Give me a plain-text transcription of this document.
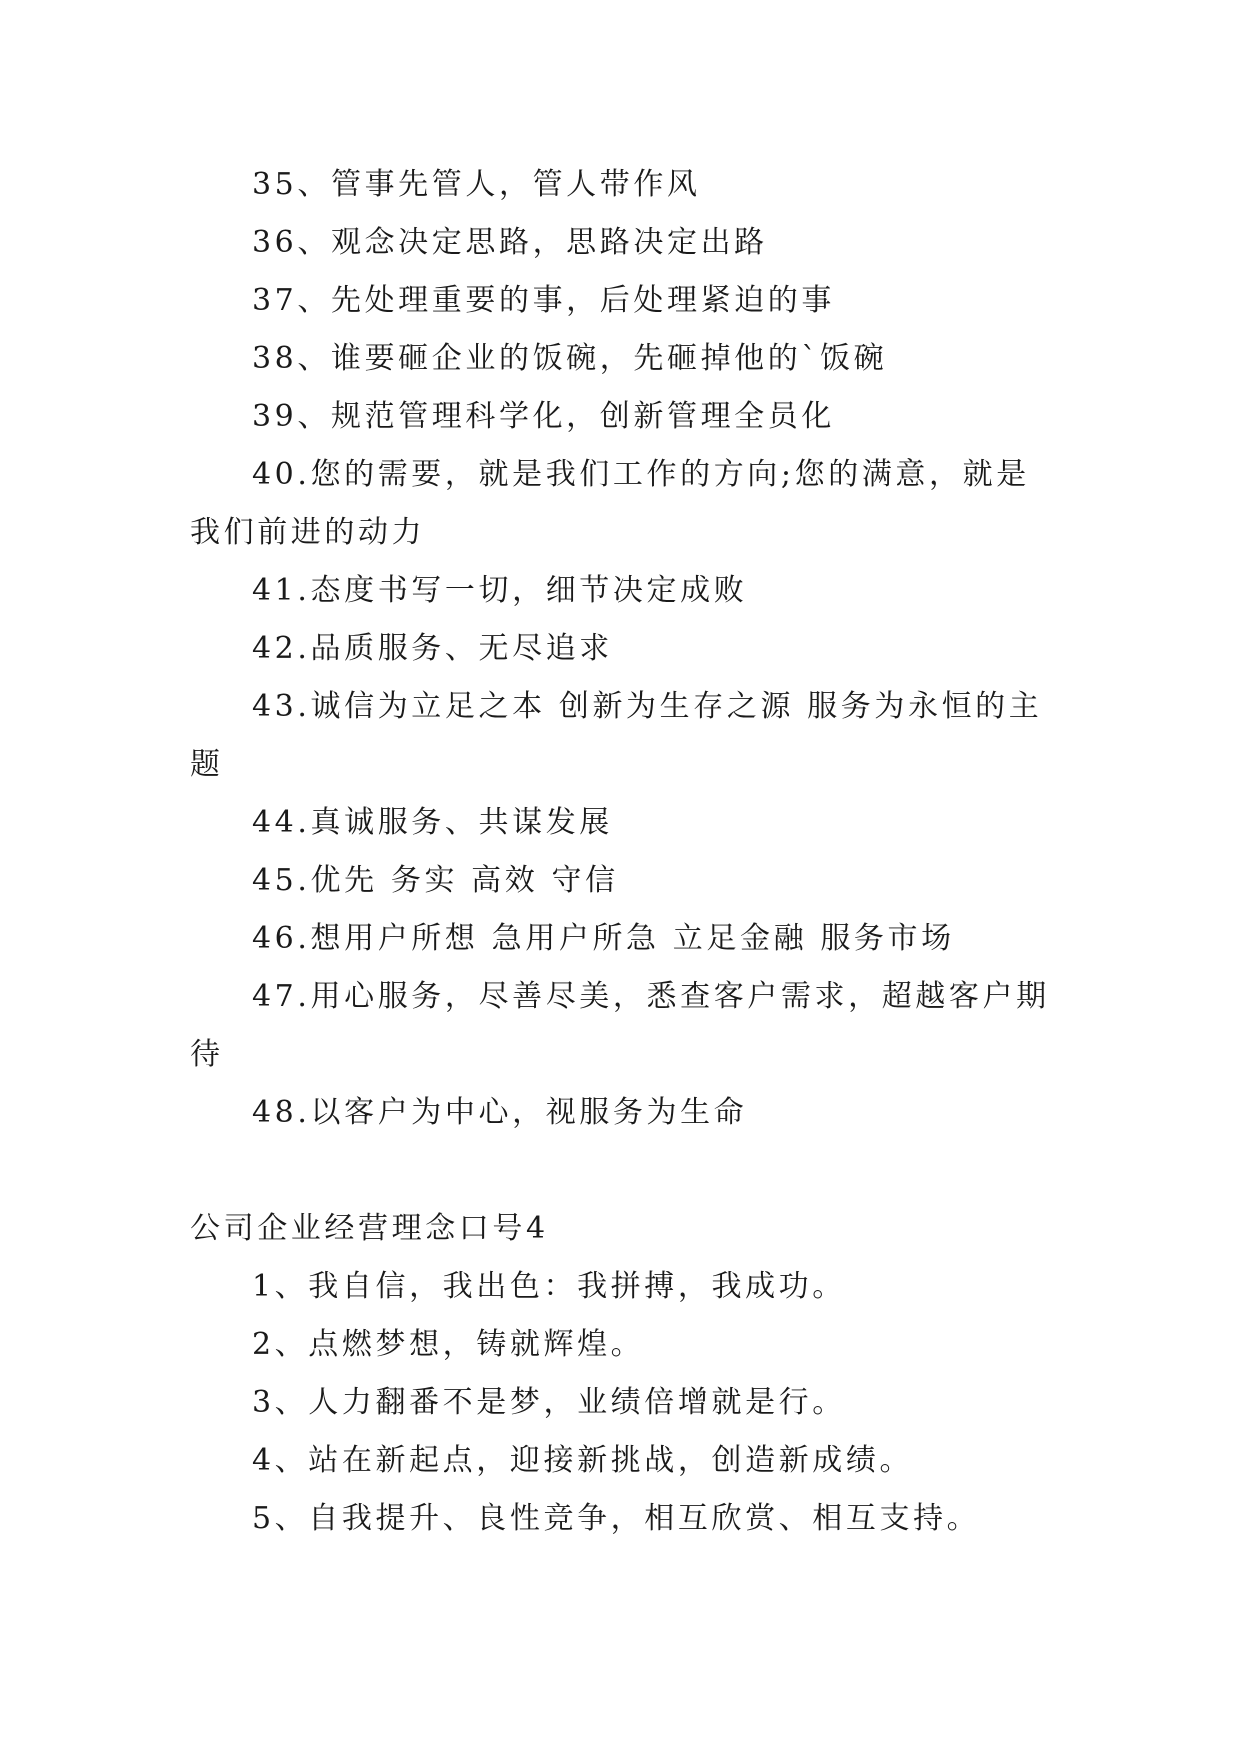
35、管事先管人，管人带作风

36、观念决定思路，思路决定出路

37、先处理重要的事，后处理紧迫的事

38、谁要砸企业的饭碗，先砸掉他的`饭碗

39、规范管理科学化，创新管理全员化

40.您的需要，就是我们工作的方向;您的满意，就是我们前进的动力

41.态度书写一切，细节决定成败

42.品质服务、无尽追求

43.诚信为立足之本 创新为生存之源 服务为永恒的主题

44.真诚服务、共谋发展

45.优先 务实 高效 守信

46.想用户所想 急用户所急 立足金融 服务市场

47.用心服务，尽善尽美，悉查客户需求，超越客户期待

48.以客户为中心，视服务为生命

公司企业经营理念口号4

1、我自信，我出色：我拼搏，我成功。

2、点燃梦想，铸就辉煌。

3、人力翻番不是梦，业绩倍增就是行。

4、站在新起点，迎接新挑战，创造新成绩。

5、自我提升、良性竞争，相互欣赏、相互支持。
